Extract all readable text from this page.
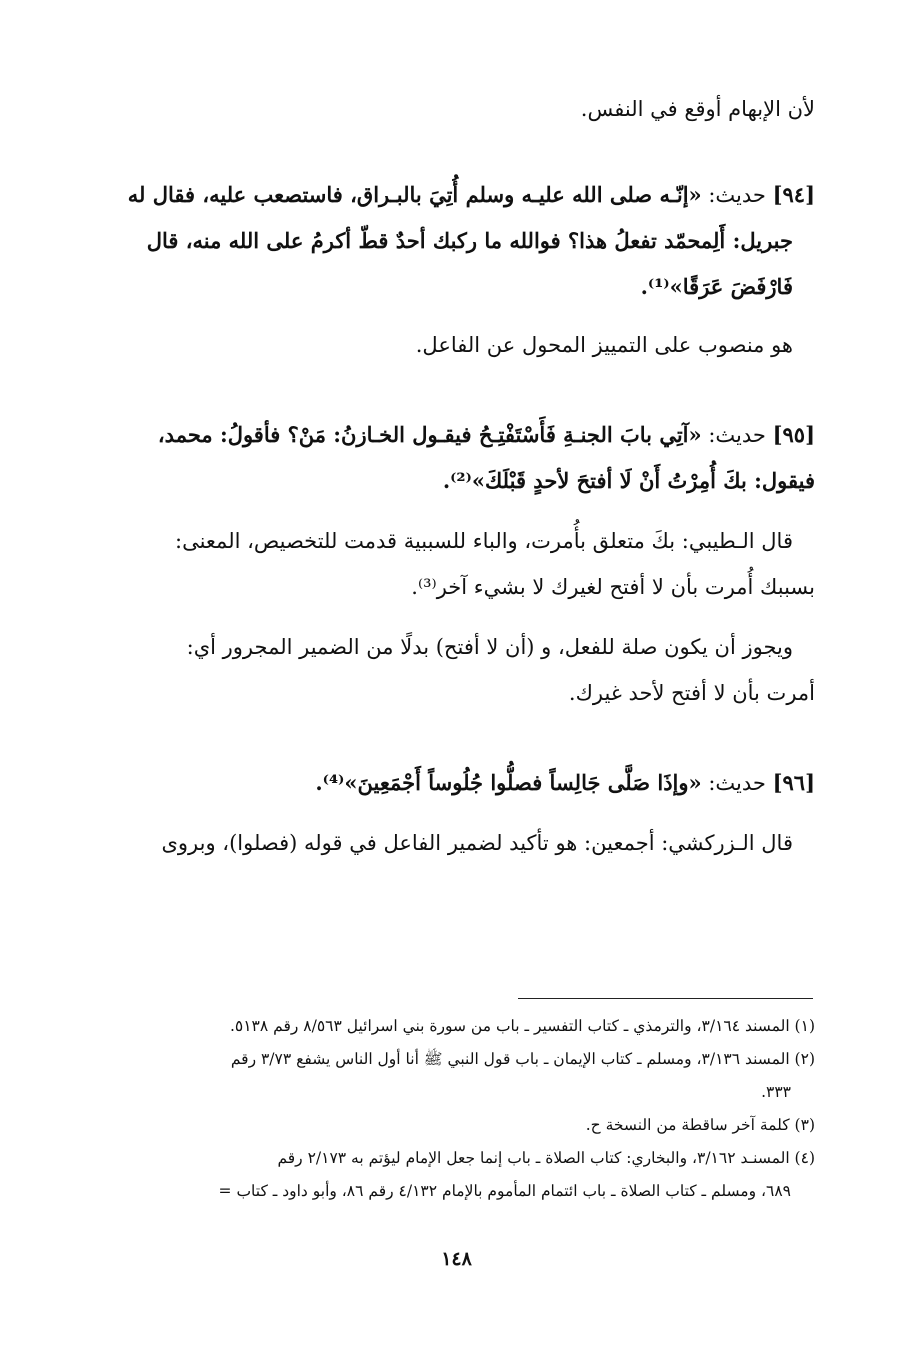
لأن الإبهام أوقع في النفس.
[٩٤] حديث: «إنّـه صلى الله عليـه وسلم أُتِيَ بالبـراق، فاستصعب عليه، فقال له
جبريل: أَلِمحمّد تفعلُ هذا؟ فوالله ما ركبك أحدٌ قطّ أكرمُ على الله منه، قال
فَارْفَضَ عَرَقًا»⁽¹⁾.
هو منصوب على التمييز المحول عن الفاعل.
[٩٥] حديث: «آتِي بابَ الجنـةِ فَأَسْتَفْتِـحُ فيقـول الخـازنُ: مَنْ؟ فأقولُ: محمد،
فيقول: بكَ أُمِرْتُ أَنْ لَا أفتحَ لأحدٍ قَبْلَكَ»⁽²⁾.
قال الـطيبي: بكَ متعلق بأُمرت، والباء للسببية قدمت للتخصيص، المعنى:
بسببك أُمرت بأن لا أفتح لغيرك لا بشيء آخر⁽³⁾.
ويجوز أن يكون صلة للفعل، و (أن لا أفتح) بدلًا من الضمير المجرور أي:
أمرت بأن لا أفتح لأحد غيرك.
[٩٦] حديث: «وإذَا صَلَّى جَالِساً فصلُّوا جُلُوساً أَجْمَعِينَ»⁽⁴⁾.
قال الـزركشي: أجمعين: هو تأكيد لضمير الفاعل في قوله (فصلوا)، وبروى
(١) المسند ٣/١٦٤، والترمذي ـ كتاب التفسير ـ باب من سورة بني اسرائيل ٨/٥٦٣ رقم ٥١٣٨.
(٢) المسند ٣/١٣٦، ومسلم ـ كتاب الإيمان ـ باب قول النبي ﷺ أنا أول الناس يشفع ٣/٧٣ رقم
٣٣٣.
(٣) كلمة آخر ساقطة من النسخة ح.
(٤) المسنـد ٣/١٦٢، والبخاري: كتاب الصلاة ـ باب إنما جعل الإمام ليؤتم به ٢/١٧٣ رقم
٦٨٩، ومسلم ـ كتاب الصلاة ـ باب ائتمام المأموم بالإمام ٤/١٣٢ رقم ٨٦، وأبو داود ـ كتاب =
١٤٨
